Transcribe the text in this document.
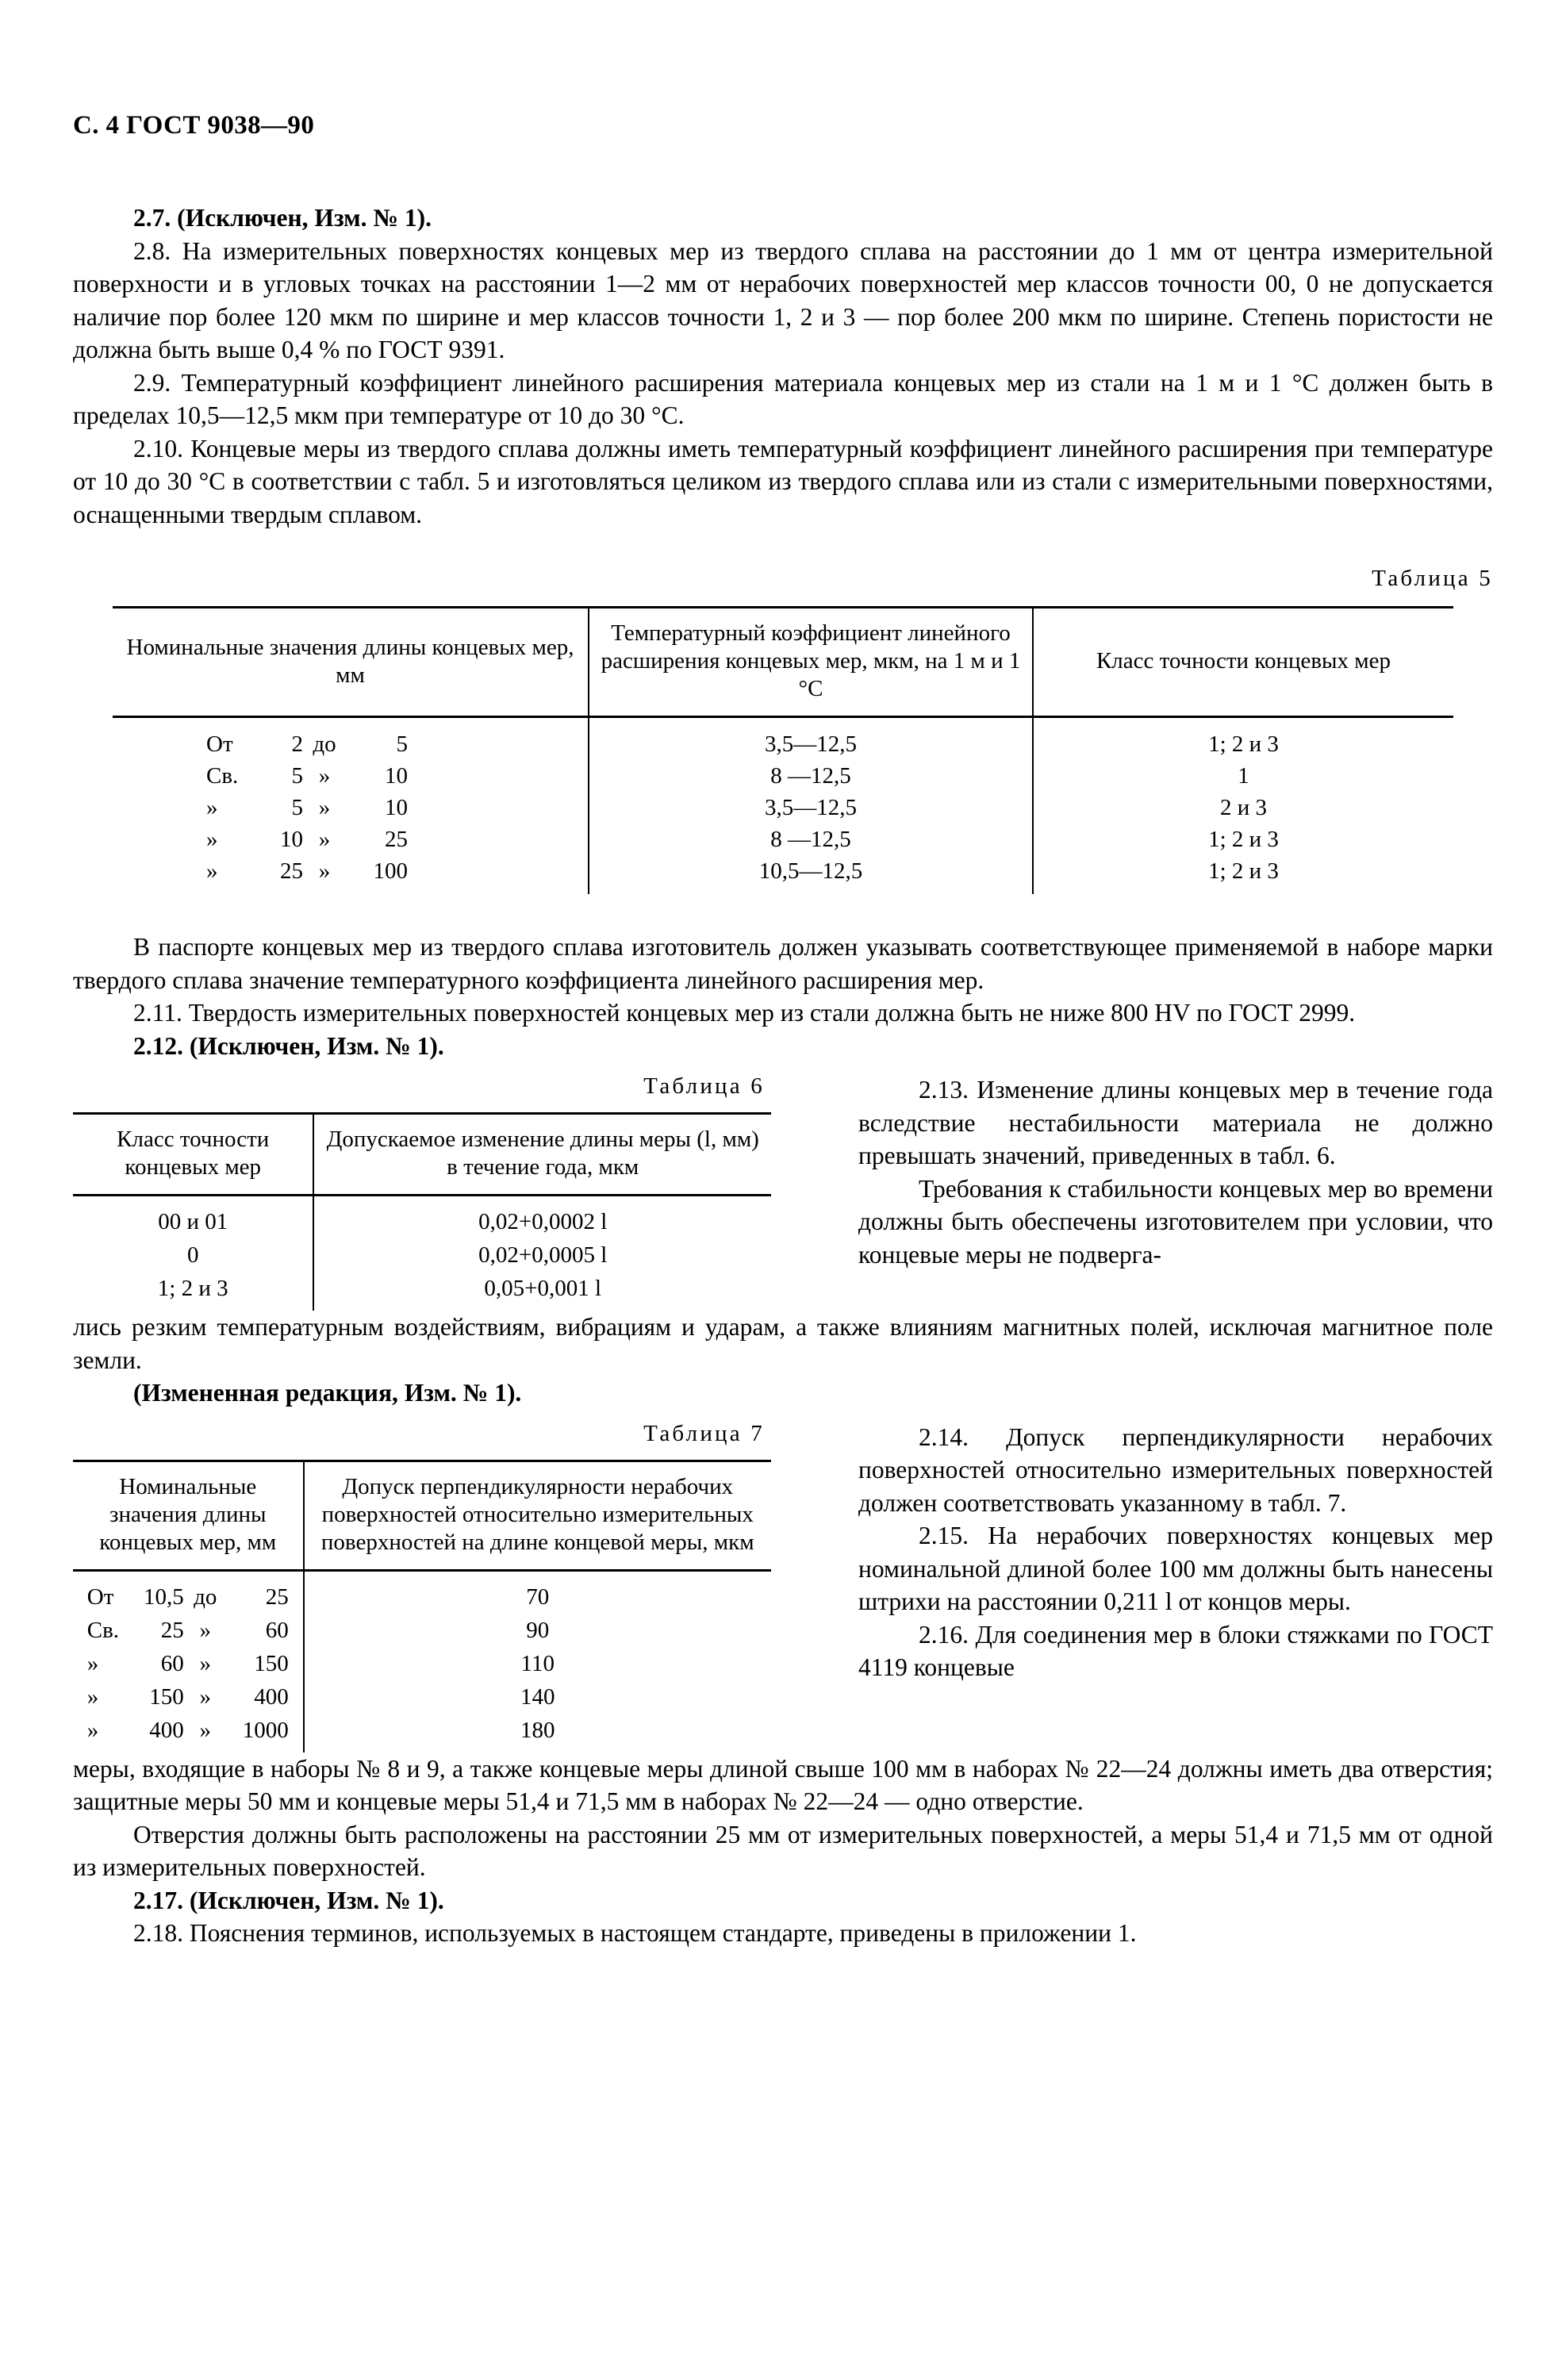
С. 4 ГОСТ 9038—90

2.7. (Исключен, Изм. № 1).

2.8. На измерительных поверхностях концевых мер из твердого сплава на расстоянии до 1 мм от центра измерительной поверхности и в угловых точках на расстоянии 1—2 мм от нерабочих поверхностей мер классов точности 00, 0 не допускается наличие пор более 120 мкм по ширине и мер классов точности 1, 2 и 3 — пор более 200 мкм по ширине. Степень пористости не должна быть выше 0,4 % по ГОСТ 9391.

2.9. Температурный коэффициент линейного расширения материала концевых мер из стали на 1 м и 1 °С должен быть в пределах 10,5—12,5 мкм при температуре от 10 до 30 °С.

2.10. Концевые меры из твердого сплава должны иметь температурный коэффициент линейного расширения при температуре от 10 до 30 °С в соответствии с табл. 5 и изготовляться целиком из твердого сплава или из стали с измерительными поверхностями, оснащенными твердым сплавом.

Таблица 5
Номинальные значения длины концевых мер, мм	Температурный коэффициент линейного расширения концевых мер, мкм, на 1 м и 1 °С	Класс точности концевых мер
От 2 до 5	3,5—12,5	1; 2 и 3
Св. 5 » 10	8 —12,5	1
» 5 » 10	3,5—12,5	2 и 3
» 10 » 25	8 —12,5	1; 2 и 3
» 25 » 100	10,5—12,5	1; 2 и 3

В паспорте концевых мер из твердого сплава изготовитель должен указывать соответствующее применяемой в наборе марки твердого сплава значение температурного коэффициента линейного расширения мер.

2.11. Твердость измерительных поверхностей концевых мер из стали должна быть не ниже 800 HV по ГОСТ 2999.

2.12. (Исключен, Изм. № 1).

2.13. Изменение длины концевых мер в течение года вследствие нестабильности материала не должно превышать значений, приведенных в табл. 6.

Требования к стабильности концевых мер во времени должны быть обеспечены изготовителем при условии, что концевые меры не подверга-

Таблица 6
Класс точности концевых мер	Допускаемое изменение длины меры (l, мм) в течение года, мкм
00 и 01	0,02+0,0002 l
0	0,02+0,0005 l
1; 2 и 3	0,05+0,001 l

лись резким температурным воздействиям, вибрациям и ударам, а также влияниям магнитных полей, исключая магнитное поле земли.

(Измененная редакция, Изм. № 1).

2.14. Допуск перпендикулярности нерабочих поверхностей относительно измерительных поверхностей должен соответствовать указанному в табл. 7.

2.15. На нерабочих поверхностях концевых мер номинальной длиной более 100 мм должны быть нанесены штрихи на расстоянии 0,211 l от концов меры.

2.16. Для соединения мер в блоки стяжками по ГОСТ 4119 концевые

Таблица 7
Номинальные значения длины концевых мер, мм	Допуск перпендикулярности нерабочих поверхностей относительно измерительных поверхностей на длине концевой меры, мкм
От 10,5 до 25	70
Св. 25 » 60	90
» 60 » 150	110
» 150 » 400	140
» 400 » 1000	180

меры, входящие в наборы № 8 и 9, а также концевые меры длиной свыше 100 мм в наборах № 22—24 должны иметь два отверстия; защитные меры 50 мм и концевые меры 51,4 и 71,5 мм в наборах № 22—24 — одно отверстие.

Отверстия должны быть расположены на расстоянии 25 мм от измерительных поверхностей, а меры 51,4 и 71,5 мм от одной из измерительных поверхностей.

2.17. (Исключен, Изм. № 1).

2.18. Пояснения терминов, используемых в настоящем стандарте, приведены в приложении 1.
